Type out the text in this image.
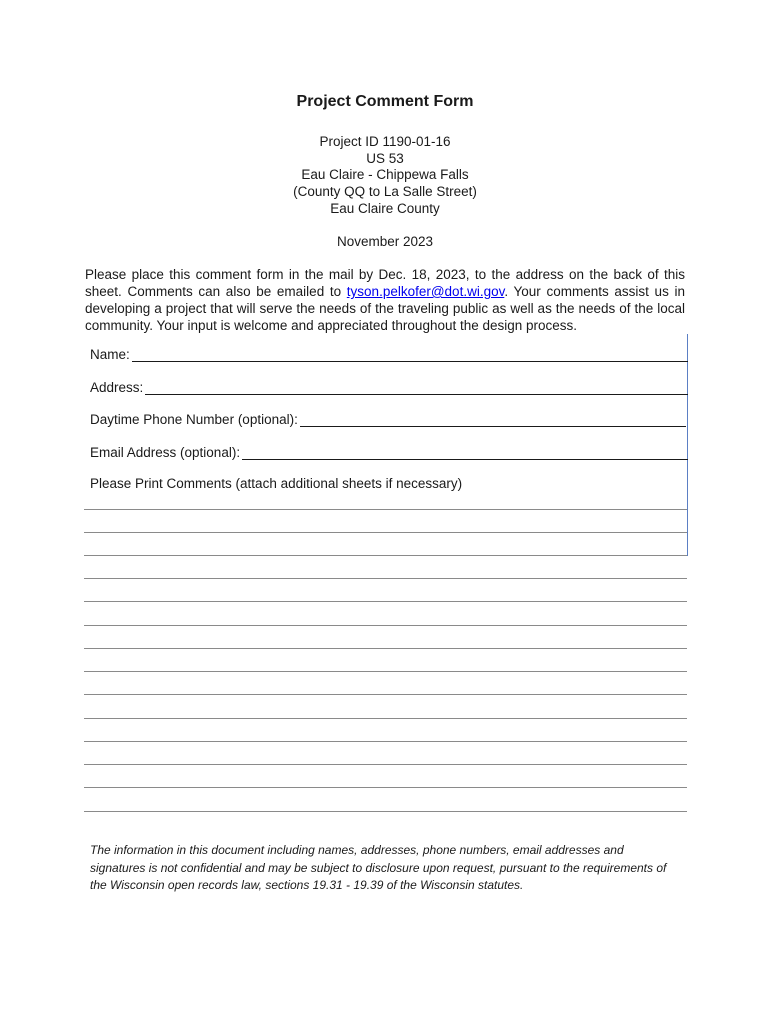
Project Comment Form
Project ID 1190-01-16
US 53
Eau Claire - Chippewa Falls
(County QQ to La Salle Street)
Eau Claire County
November 2023
Please place this comment form in the mail by Dec. 18, 2023, to the address on the back of this sheet. Comments can also be emailed to tyson.pelkofer@dot.wi.gov. Your comments assist us in developing a project that will serve the needs of the traveling public as well as the needs of the local community. Your input is welcome and appreciated throughout the design process.
Name:
Address:
Daytime Phone Number (optional):
Email Address (optional):
Please Print Comments (attach additional sheets if necessary)
The information in this document including names, addresses, phone numbers, email addresses and signatures is not confidential and may be subject to disclosure upon request, pursuant to the requirements of the Wisconsin open records law, sections 19.31 - 19.39 of the Wisconsin statutes.
